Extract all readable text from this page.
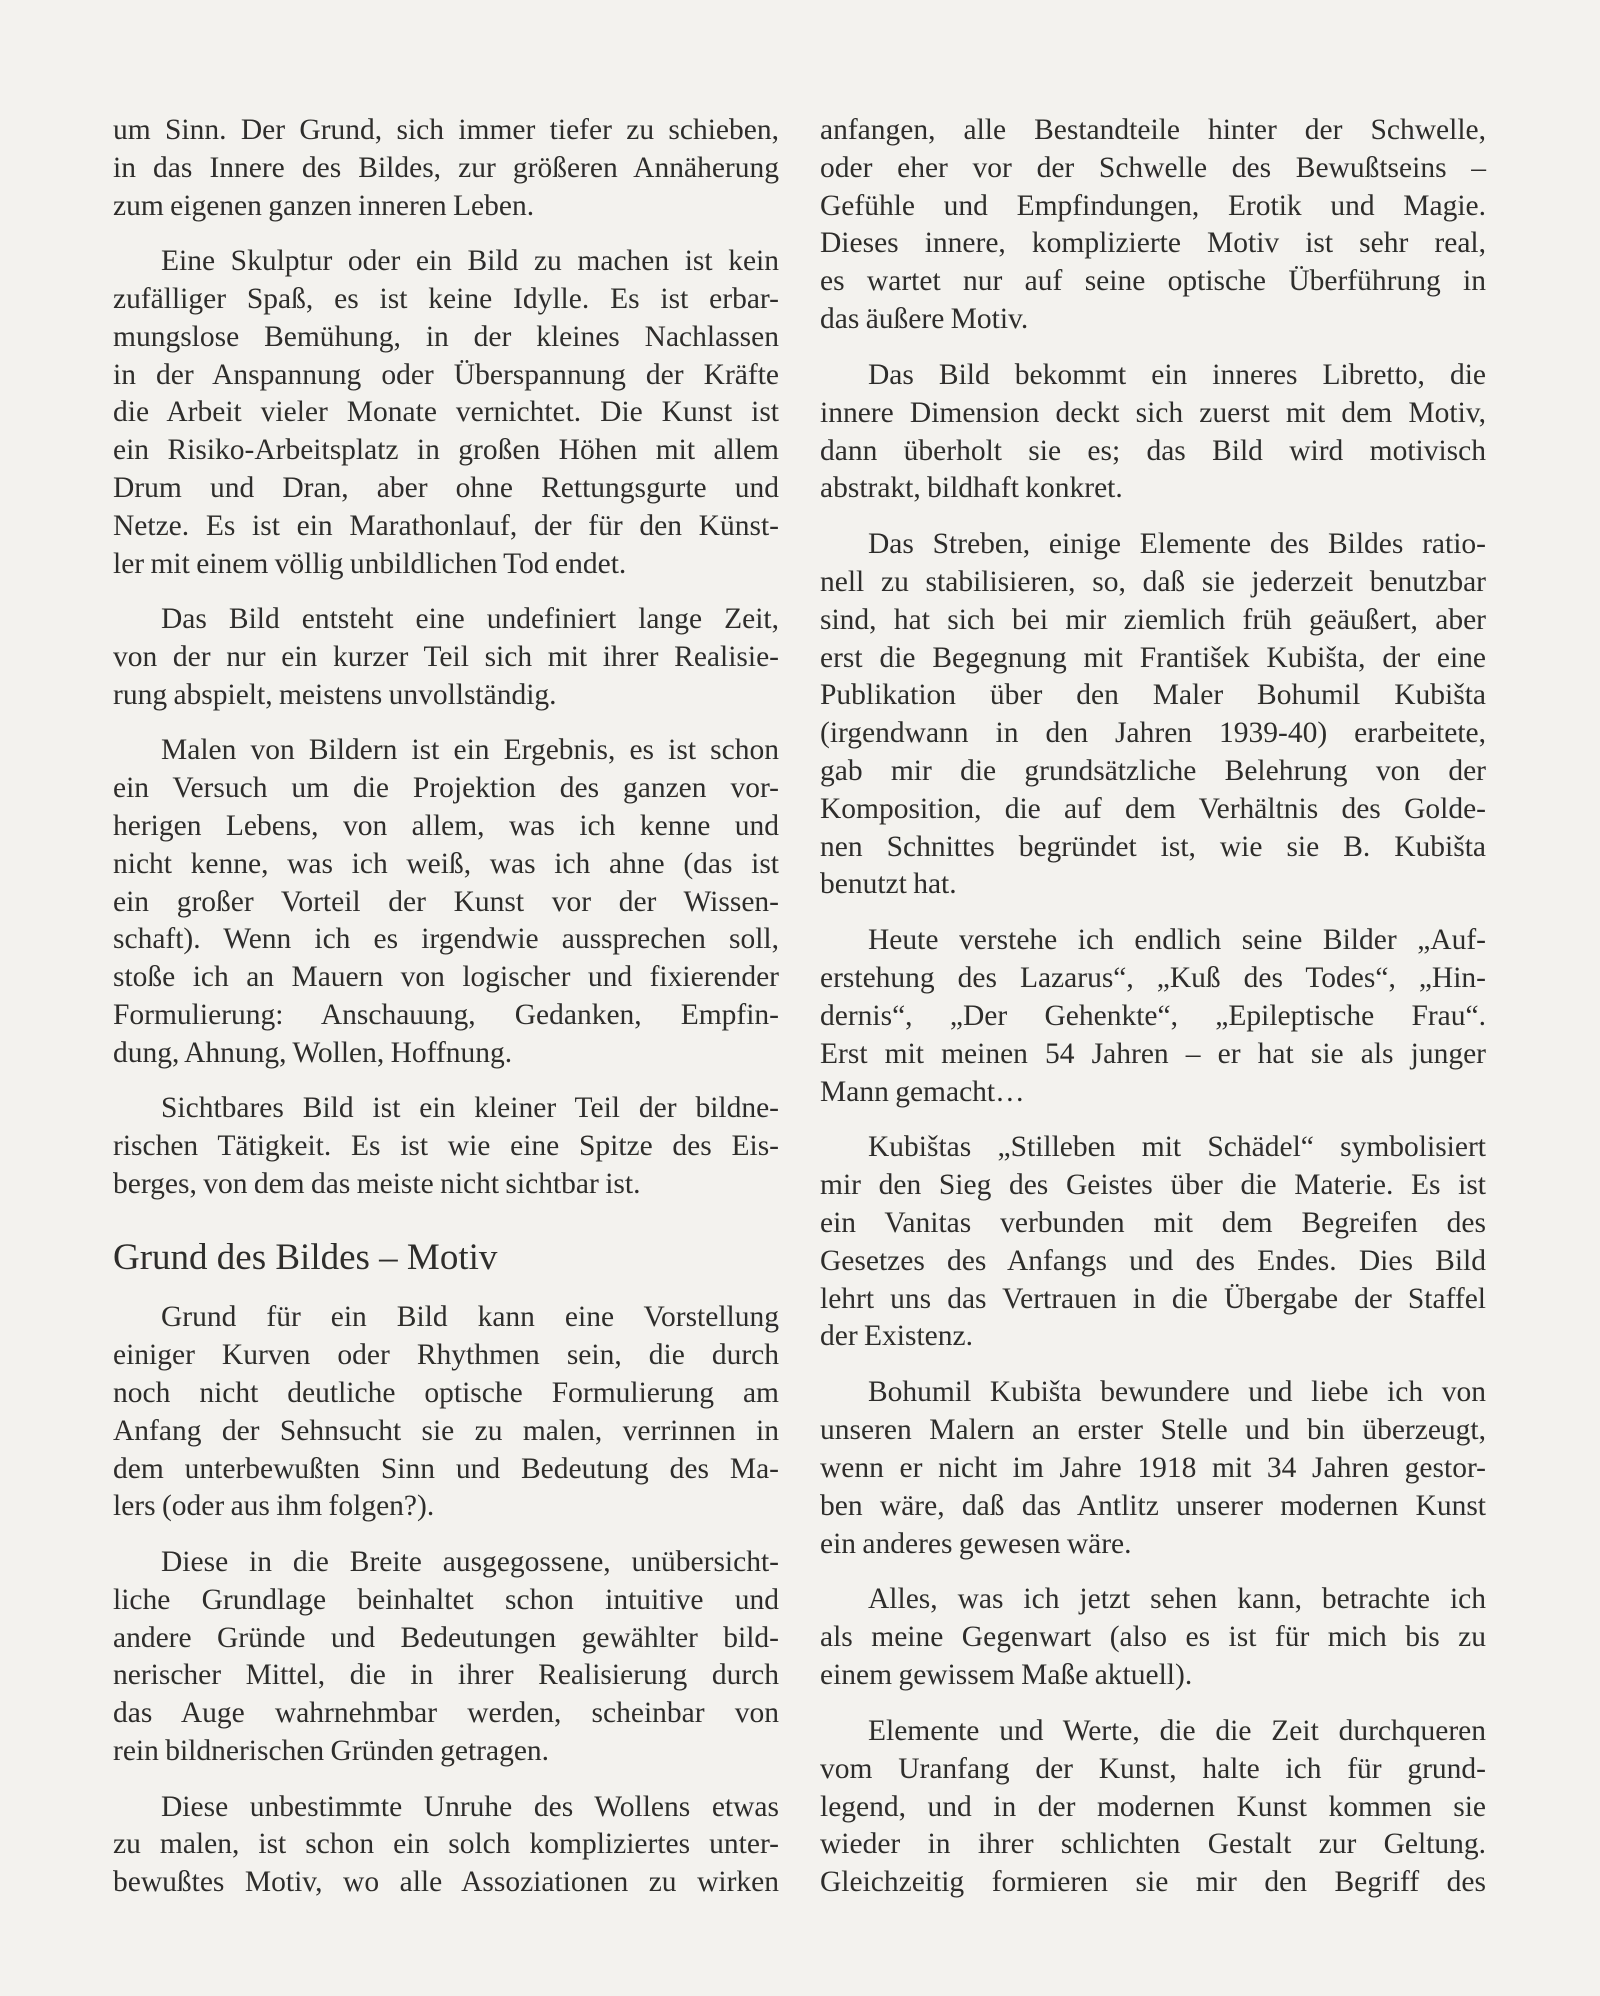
um Sinn. Der Grund, sich immer tiefer zu schieben,
in das Innere des Bildes, zur größeren Annäherung
zum eigenen ganzen inneren Leben.
Eine Skulptur oder ein Bild zu machen ist kein
zufälliger Spaß, es ist keine Idylle. Es ist erbar-
mungslose Bemühung, in der kleines Nachlassen
in der Anspannung oder Überspannung der Kräfte
die Arbeit vieler Monate vernichtet. Die Kunst ist
ein Risiko-Arbeitsplatz in großen Höhen mit allem
Drum und Dran, aber ohne Rettungsgurte und
Netze. Es ist ein Marathonlauf, der für den Künst-
ler mit einem völlig unbildlichen Tod endet.
Das Bild entsteht eine undefiniert lange Zeit,
von der nur ein kurzer Teil sich mit ihrer Realisie-
rung abspielt, meistens unvollständig.
Malen von Bildern ist ein Ergebnis, es ist schon
ein Versuch um die Projektion des ganzen vor-
herigen Lebens, von allem, was ich kenne und
nicht kenne, was ich weiß, was ich ahne (das ist
ein großer Vorteil der Kunst vor der Wissen-
schaft). Wenn ich es irgendwie aussprechen soll,
stoße ich an Mauern von logischer und fixierender
Formulierung: Anschauung, Gedanken, Empfin-
dung, Ahnung, Wollen, Hoffnung.
Sichtbares Bild ist ein kleiner Teil der bildne-
rischen Tätigkeit. Es ist wie eine Spitze des Eis-
berges, von dem das meiste nicht sichtbar ist.
Grund des Bildes – Motiv
Grund für ein Bild kann eine Vorstellung
einiger Kurven oder Rhythmen sein, die durch
noch nicht deutliche optische Formulierung am
Anfang der Sehnsucht sie zu malen, verrinnen in
dem unterbewußten Sinn und Bedeutung des Ma-
lers (oder aus ihm folgen?).
Diese in die Breite ausgegossene, unübersicht-
liche Grundlage beinhaltet schon intuitive und
andere Gründe und Bedeutungen gewählter bild-
nerischer Mittel, die in ihrer Realisierung durch
das Auge wahrnehmbar werden, scheinbar von
rein bildnerischen Gründen getragen.
Diese unbestimmte Unruhe des Wollens etwas
zu malen, ist schon ein solch kompliziertes unter-
bewußtes Motiv, wo alle Assoziationen zu wirken
anfangen, alle Bestandteile hinter der Schwelle,
oder eher vor der Schwelle des Bewußtseins –
Gefühle und Empfindungen, Erotik und Magie.
Dieses innere, komplizierte Motiv ist sehr real,
es wartet nur auf seine optische Überführung in
das äußere Motiv.
Das Bild bekommt ein inneres Libretto, die
innere Dimension deckt sich zuerst mit dem Motiv,
dann überholt sie es; das Bild wird motivisch
abstrakt, bildhaft konkret.
Das Streben, einige Elemente des Bildes ratio-
nell zu stabilisieren, so, daß sie jederzeit benutzbar
sind, hat sich bei mir ziemlich früh geäußert, aber
erst die Begegnung mit František Kubišta, der eine
Publikation über den Maler Bohumil Kubišta
(irgendwann in den Jahren 1939-40) erarbeitete,
gab mir die grundsätzliche Belehrung von der
Komposition, die auf dem Verhältnis des Golde-
nen Schnittes begründet ist, wie sie B. Kubišta
benutzt hat.
Heute verstehe ich endlich seine Bilder „Auf-
erstehung des Lazarus“, „Kuß des Todes“, „Hin-
dernis“, „Der Gehenkte“, „Epileptische Frau“.
Erst mit meinen 54 Jahren – er hat sie als junger
Mann gemacht…
Kubištas „Stilleben mit Schädel“ symbolisiert
mir den Sieg des Geistes über die Materie. Es ist
ein Vanitas verbunden mit dem Begreifen des
Gesetzes des Anfangs und des Endes. Dies Bild
lehrt uns das Vertrauen in die Übergabe der Staffel
der Existenz.
Bohumil Kubišta bewundere und liebe ich von
unseren Malern an erster Stelle und bin überzeugt,
wenn er nicht im Jahre 1918 mit 34 Jahren gestor-
ben wäre, daß das Antlitz unserer modernen Kunst
ein anderes gewesen wäre.
Alles, was ich jetzt sehen kann, betrachte ich
als meine Gegenwart (also es ist für mich bis zu
einem gewissem Maße aktuell).
Elemente und Werte, die die Zeit durchqueren
vom Uranfang der Kunst, halte ich für grund-
legend, und in der modernen Kunst kommen sie
wieder in ihrer schlichten Gestalt zur Geltung.
Gleichzeitig formieren sie mir den Begriff des
